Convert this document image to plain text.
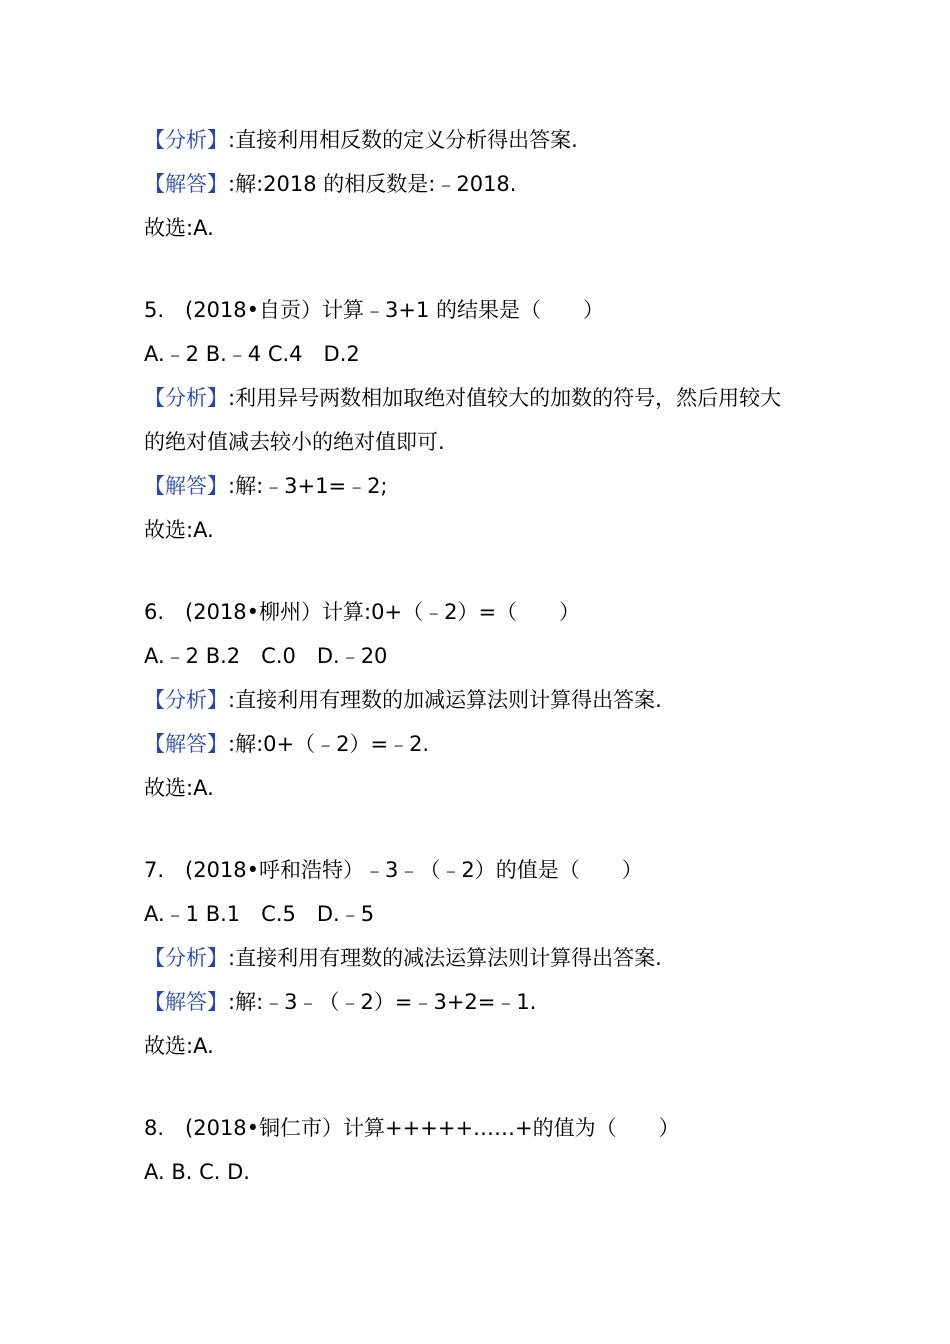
【分析】:直接利用相反数的定义分析得出答案.
【解答】:解:2018 的相反数是:﹣2018.
故选:A.
5.　(2018•自贡）计算﹣3+1 的结果是（　　）
A.﹣2 B.﹣4 C.4　D.2
【分析】:利用异号两数相加取绝对值较大的加数的符号，然后用较大
的绝对值减去较小的绝对值即可.
【解答】:解:﹣3+1=﹣2;
故选:A.
6.　(2018•柳州）计算:0+（﹣2）=（　　）
A.﹣2 B.2　C.0　D.﹣20
【分析】:直接利用有理数的加减运算法则计算得出答案.
【解答】:解:0+（﹣2）=﹣2.
故选:A.
7.　(2018•呼和浩特）﹣3﹣（﹣2）的值是（　　）
A.﹣1 B.1　C.5　D.﹣5
【分析】:直接利用有理数的减法运算法则计算得出答案.
【解答】:解:﹣3﹣（﹣2）=﹣3+2=﹣1.
故选:A.
8.　(2018•铜仁市）计算+++++……+的值为（　　）
A. B. C. D.
